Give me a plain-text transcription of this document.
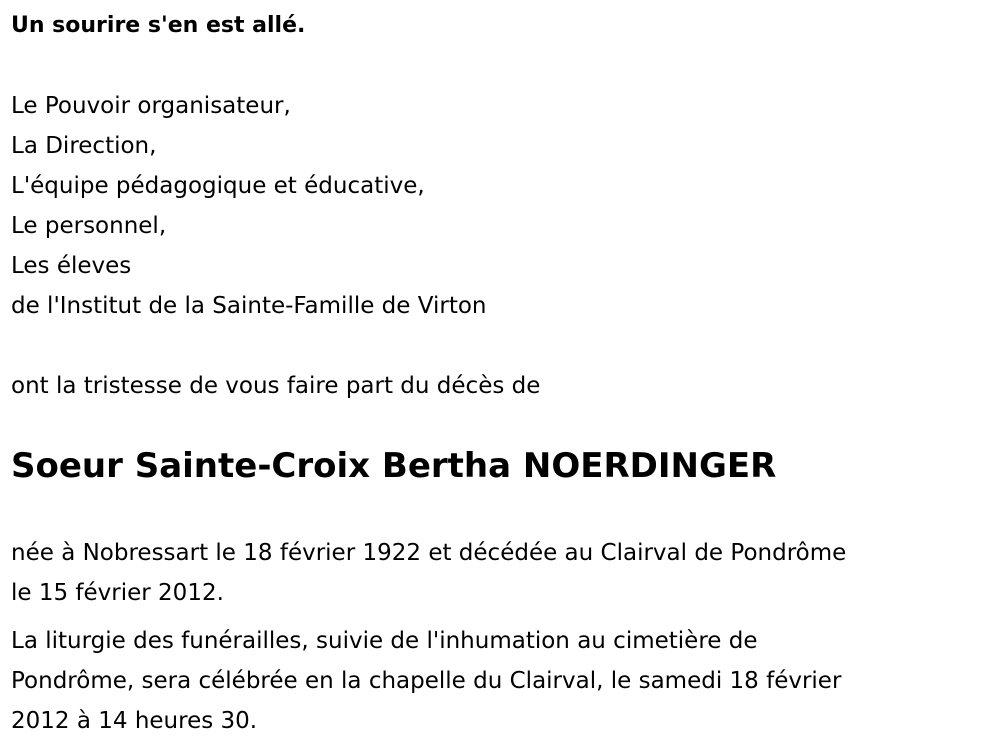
Un sourire s'en est allé.
Le Pouvoir organisateur,
La Direction,
L'équipe pédagogique et éducative,
Le personnel,
Les éleves
de l'Institut de la Sainte-Famille de Virton
ont la tristesse de vous faire part du décès de
Soeur Sainte-Croix Bertha NOERDINGER
née à Nobressart le 18 février 1922 et décédée au Clairval de Pondrôme
le 15 février 2012.
La liturgie des funérailles, suivie de l'inhumation au cimetière de
Pondrôme, sera célébrée en la chapelle du Clairval, le samedi 18 février
2012 à 14 heures 30.
